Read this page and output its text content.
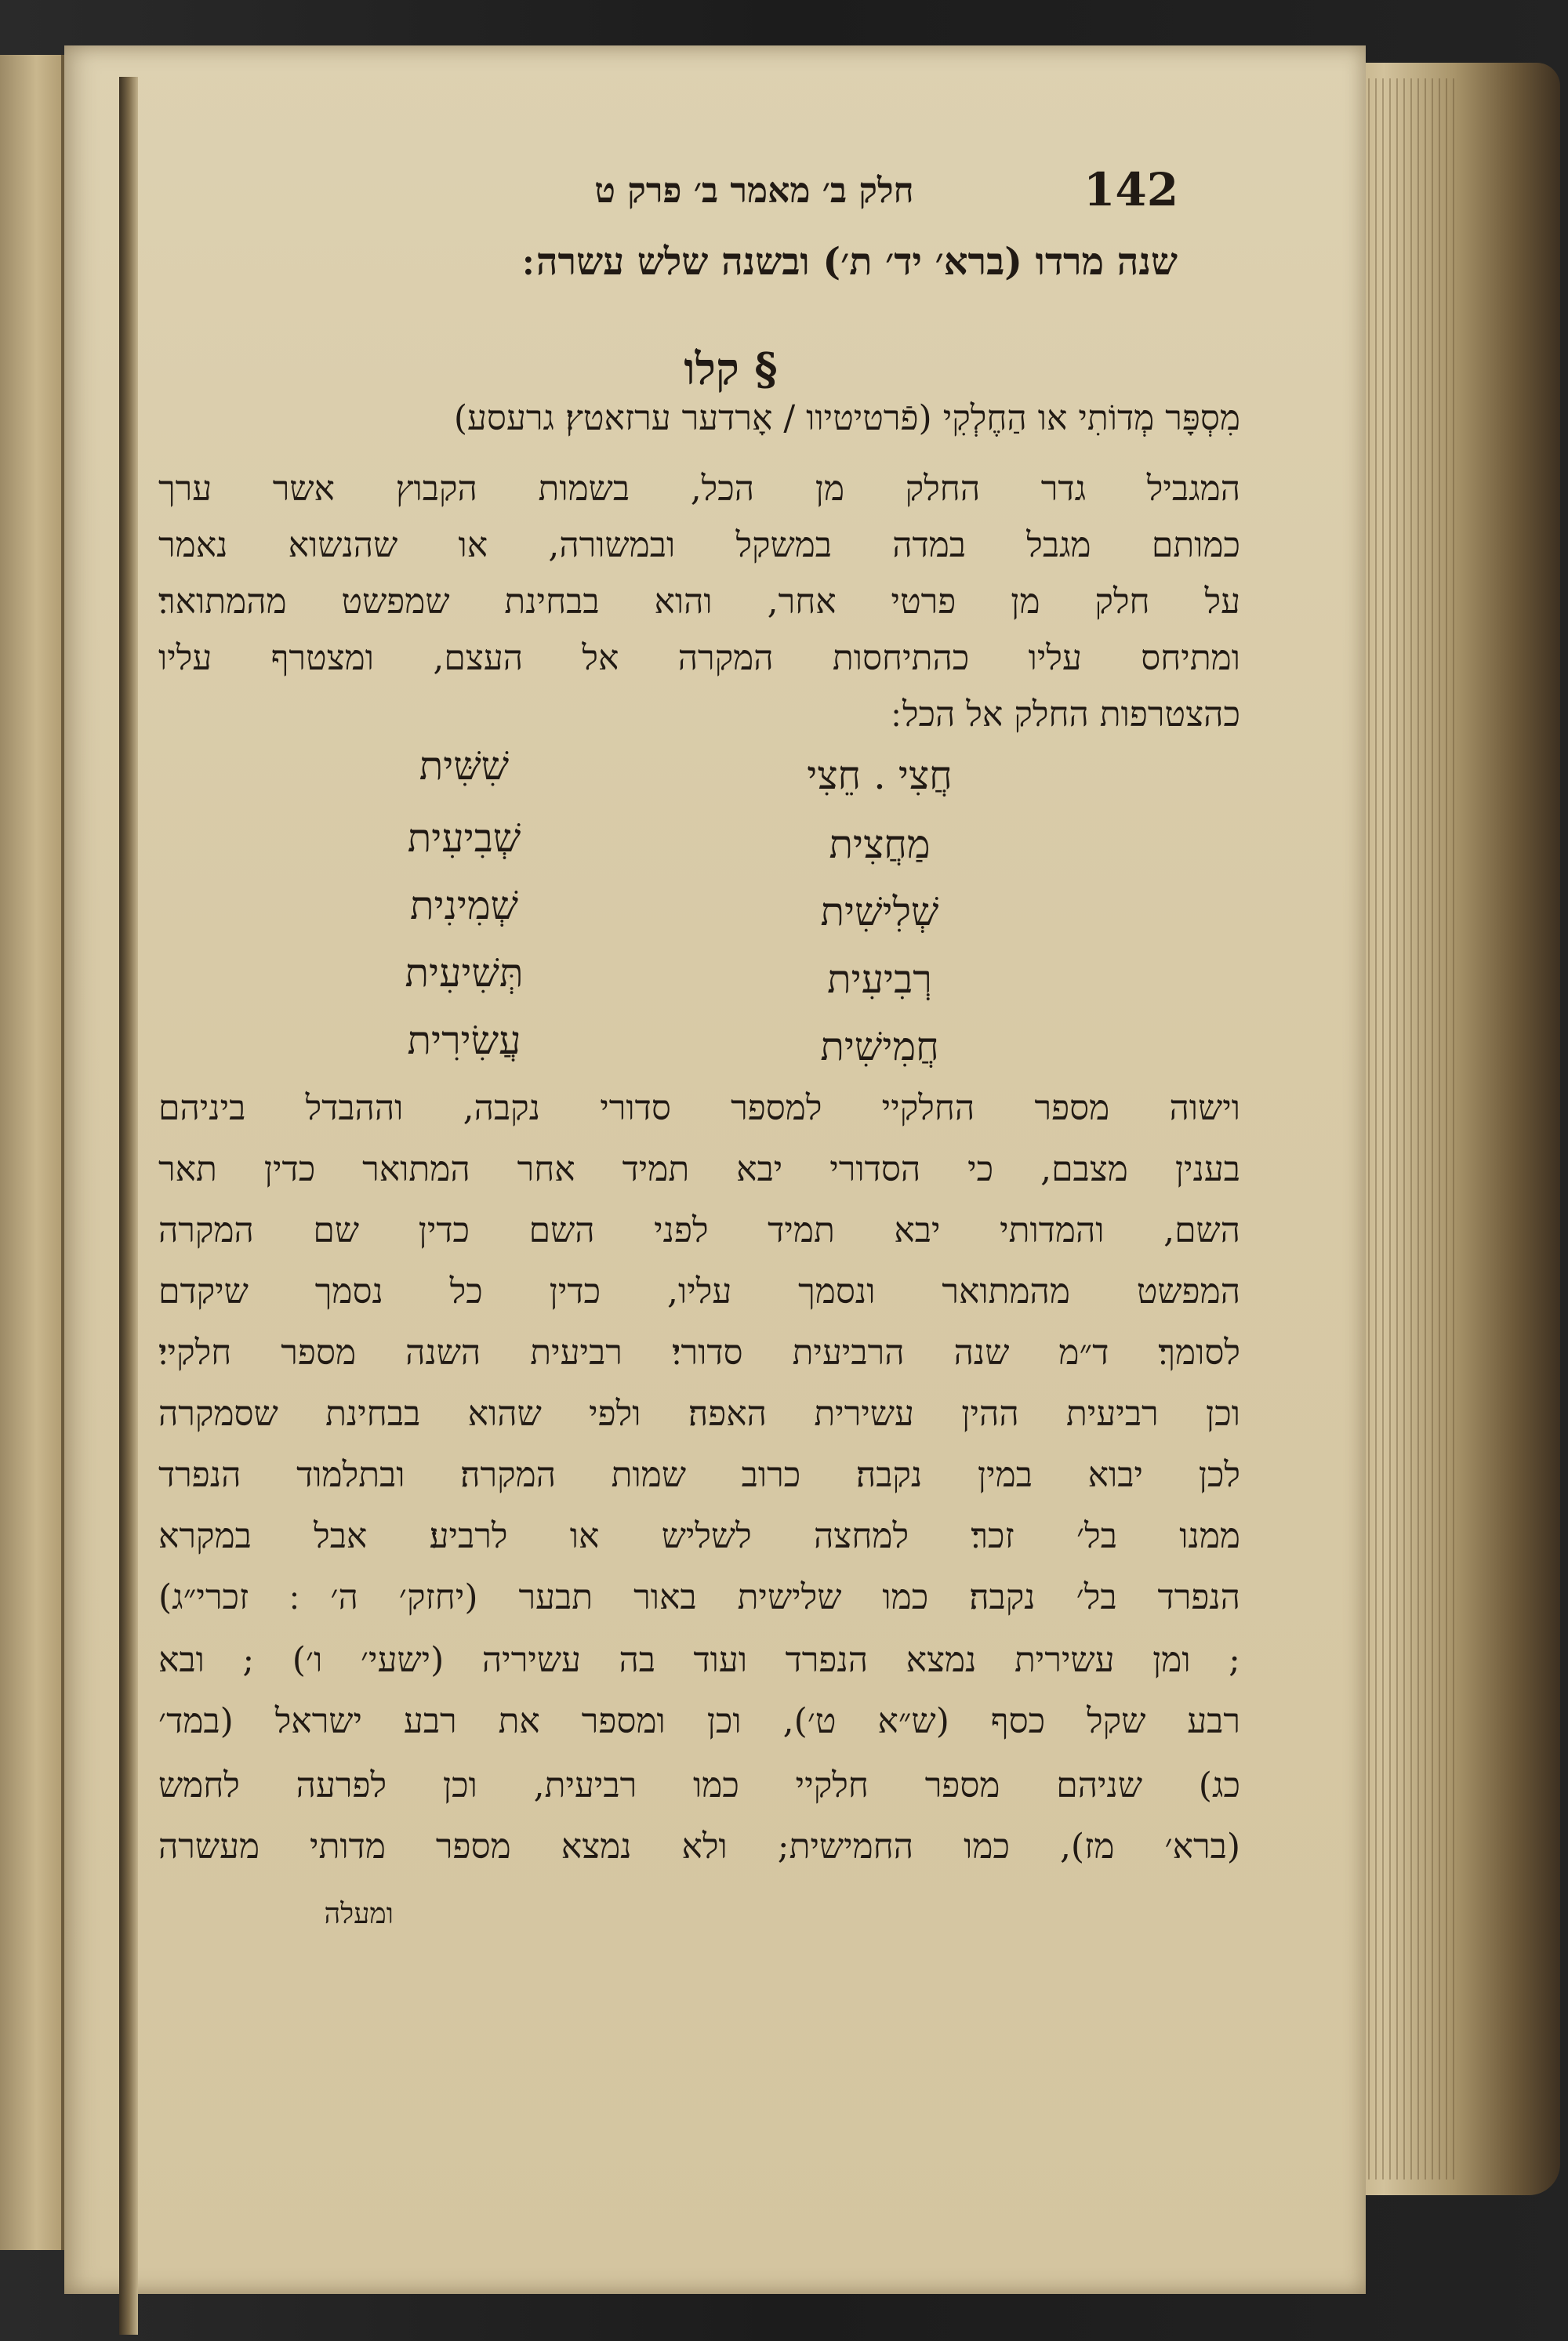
חלק ב׳ מאמר ב׳ פרק ט	142
שנה מרדו (ברא׳ יד׳ ת׳) ובשנה שלש עשרה ׃
§ קלו
מִסְפָּר מְדוֹתִי או הַחֶלְקִי (פֿרטיטיוו / אָרדער ערזאטץ׃ גרעסע)
המגביל גדר החלק מן הכל, בשמות הקבוץ אשר ערך
כמותם מגבל במדה במשקל ובמשורה, או שהנשוא נאמר
על חלק מן פרטי אחר, והוא בבחינת שמפשט מהמתואר׃
ומתיחס עליו כהתיחסות המקרה אל העצם, ומצטרף עליו
כהצטרפות החלק אל הכל ׃
חֲצִי . חֵצִי
מַחֲצִית
שְׁלִישִׁית
רְבִיעִית
חֲמִישִׁית
שִׁשִּׁית
שְׁבִיעִית
שְׁמִינִית
תְּשִׁיעִית
עֲשִׂירִית
וישוה מספר החלקיי למספר סדורי נקבה, וההבדל ביניהם
בענין מצבם, כי הסדורי יבא תמיד אחר המתואר כדין תאר
השם, והמדותי יבא תמיד לפני השם כדין שם המקרה
המפשט מהמתואר ונסמך עליו, כדין כל נסמך שיקדם
לסומך׃ ד״מ שנה הרביעית סדורי׃ רביעית השנה מספר חלקיי׃
וכן רביעית ההין עשירית האפה׃ ולפי שהוא בבחינת שסמקרה
לכן יבוא במין נקבה׃ כרוב שמות המקרה׃ ובתלמוד הנפרד
ממנו בל׳ זכר׃ למחצה לשליש או לרביע׃ אבל במקרא
הנפרד בל׳ נקבה׃ כמו שלישית באור תבער (יחזק׳ ה׳ ׃ זכרי״ג)
; ומן עשירית נמצא הנפרד ועוד בה עשיריה (ישעי׳ ו׳) ; ובא
רבע שקל כסף (ש״א ט׳), וכן ומספר את רבע ישראל (במד׳
כג) שניהם מספר חלקיי כמו רביעית, וכן לפרעה לחמש
(ברא׳ מז), כמו החמישית; ולא נמצא מספר מדותי מעשרה
ומעלה
